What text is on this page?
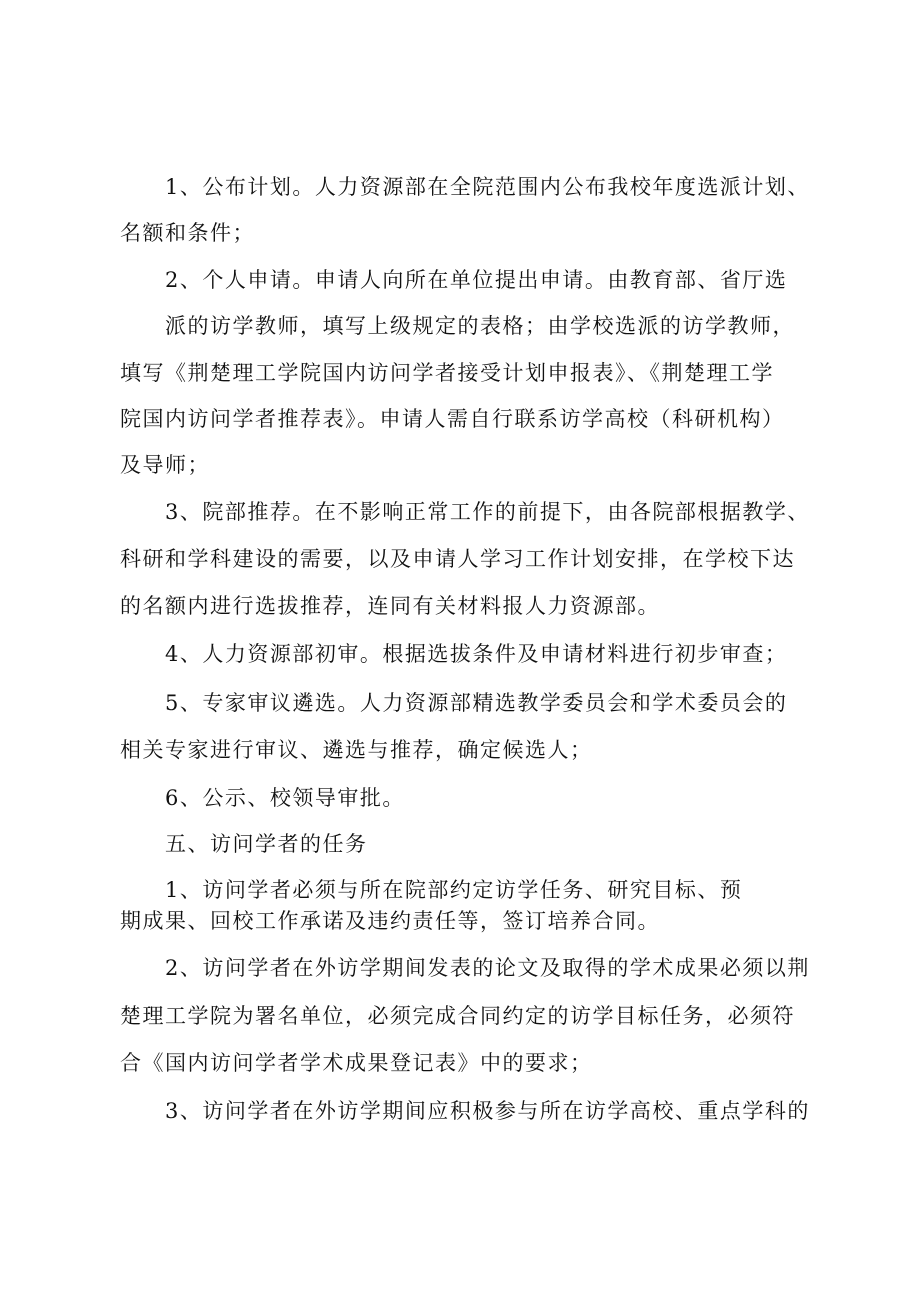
1、公布计划。人力资源部在全院范围内公布我校年度选派计划、
名额和条件；
2、个人申请。申请人向所在单位提出申请。由教育部、省厅选
派的访学教师，填写上级规定的表格；由学校选派的访学教师，
填写《荆楚理工学院国内访问学者接受计划申报表》、《荆楚理工学
院国内访问学者推荐表》。申请人需自行联系访学高校（科研机构）
及导师；
3、院部推荐。在不影响正常工作的前提下，由各院部根据教学、
科研和学科建设的需要，以及申请人学习工作计划安排，在学校下达
的名额内进行选拔推荐，连同有关材料报人力资源部。
4、人力资源部初审。根据选拔条件及申请材料进行初步审查；
5、专家审议遴选。人力资源部精选教学委员会和学术委员会的
相关专家进行审议、遴选与推荐，确定候选人；
6、公示、校领导审批。
五、访问学者的任务
1、访问学者必须与所在院部约定访学任务、研究目标、预
期成果、回校工作承诺及违约责任等，签订培养合同。
2、访问学者在外访学期间发表的论文及取得的学术成果必须以荆
楚理工学院为署名单位，必须完成合同约定的访学目标任务，必须符
合《国内访问学者学术成果登记表》中的要求；
3、访问学者在外访学期间应积极参与所在访学高校、重点学科的
